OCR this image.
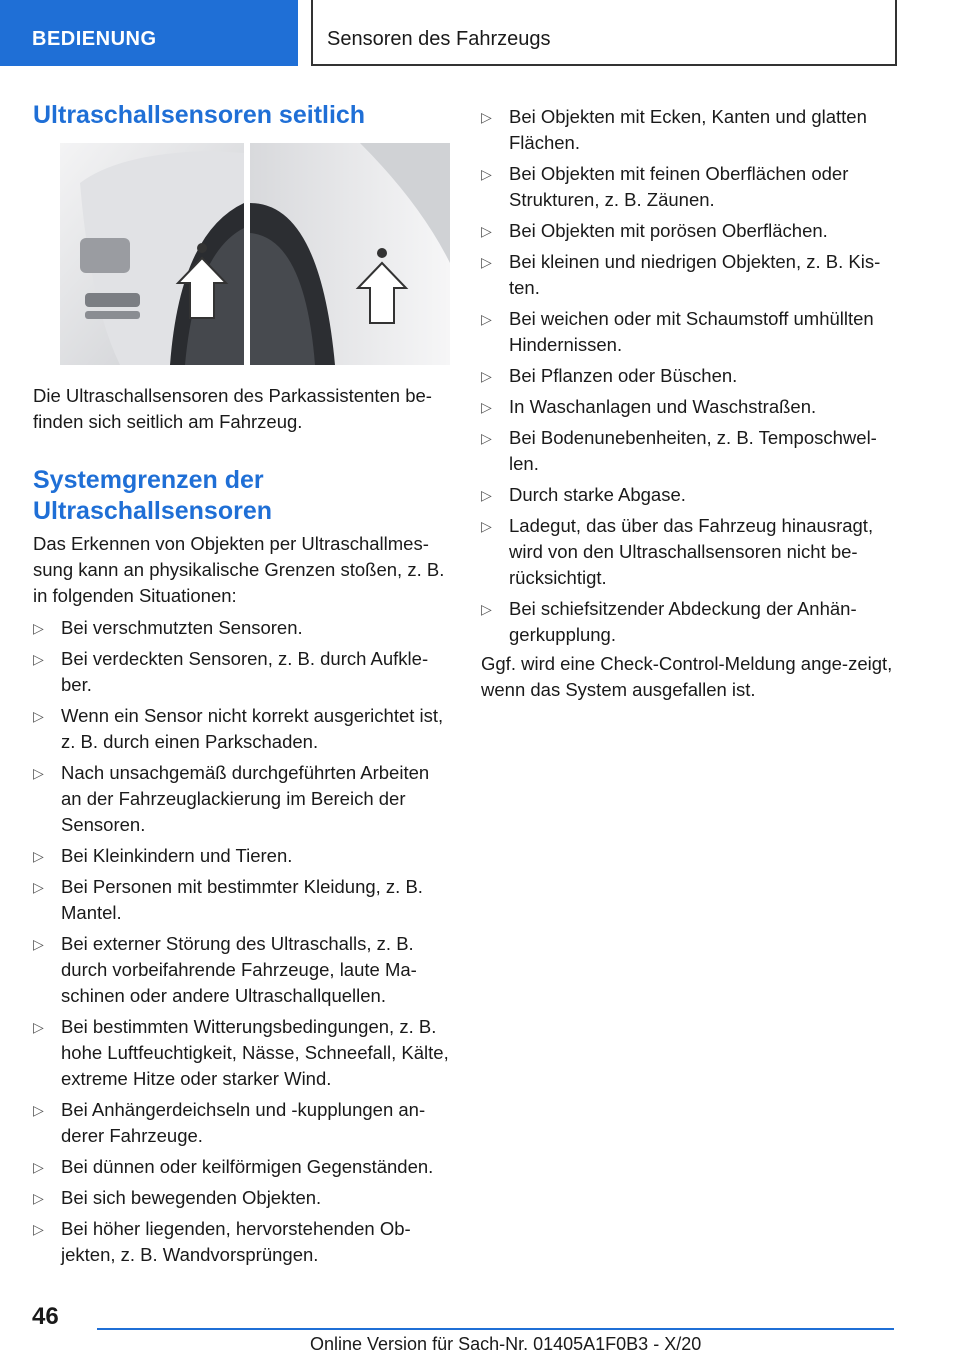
BEDIENUNG	Sensoren des Fahrzeugs
Ultraschallsensoren seitlich

Die Ultraschallsensoren des Parkassistenten be-finden sich seitlich am Fahrzeug.

Systemgrenzen der Ultraschallsensoren

Das Erkennen von Objekten per Ultraschallmes-sung kann an physikalische Grenzen stoßen, z. B. in folgenden Situationen:

▷ Bei verschmutzten Sensoren.
▷ Bei verdeckten Sensoren, z. B. durch Aufkle-ber.
▷ Wenn ein Sensor nicht korrekt ausgerichtet ist, z. B. durch einen Parkschaden.
▷ Nach unsachgemäß durchgeführten Arbeiten an der Fahrzeuglackierung im Bereich der Sensoren.
▷ Bei Kleinkindern und Tieren.
▷ Bei Personen mit bestimmter Kleidung, z. B. Mantel.
▷ Bei externer Störung des Ultraschalls, z. B. durch vorbeifahrende Fahrzeuge, laute Ma-schinen oder andere Ultraschallquellen.
▷ Bei bestimmten Witterungsbedingungen, z. B. hohe Luftfeuchtigkeit, Nässe, Schneefall, Kälte, extreme Hitze oder starker Wind.
▷ Bei Anhängerdeichseln und -kupplungen an-derer Fahrzeuge.
▷ Bei dünnen oder keilförmigen Gegenständen.
▷ Bei sich bewegenden Objekten.
▷ Bei höher liegenden, hervorstehenden Ob-jekten, z. B. Wandvorsprüngen.
▷ Bei Objekten mit Ecken, Kanten und glatten Flächen.
▷ Bei Objekten mit feinen Oberflächen oder Strukturen, z. B. Zäunen.
▷ Bei Objekten mit porösen Oberflächen.
▷ Bei kleinen und niedrigen Objekten, z. B. Kis-ten.
▷ Bei weichen oder mit Schaumstoff umhüllten Hindernissen.
▷ Bei Pflanzen oder Büschen.
▷ In Waschanlagen und Waschstraßen.
▷ Bei Bodenunebenheiten, z. B. Temposchwel-len.
▷ Durch starke Abgase.
▷ Ladegut, das über das Fahrzeug hinausragt, wird von den Ultraschallsensoren nicht be-rücksichtigt.
▷ Bei schiefsitzender Abdeckung der Anhän-gerkupplung.

Ggf. wird eine Check-Control-Meldung ange-zeigt, wenn das System ausgefallen ist.

46
Online Version für Sach-Nr. 01405A1F0B3 - X/20
